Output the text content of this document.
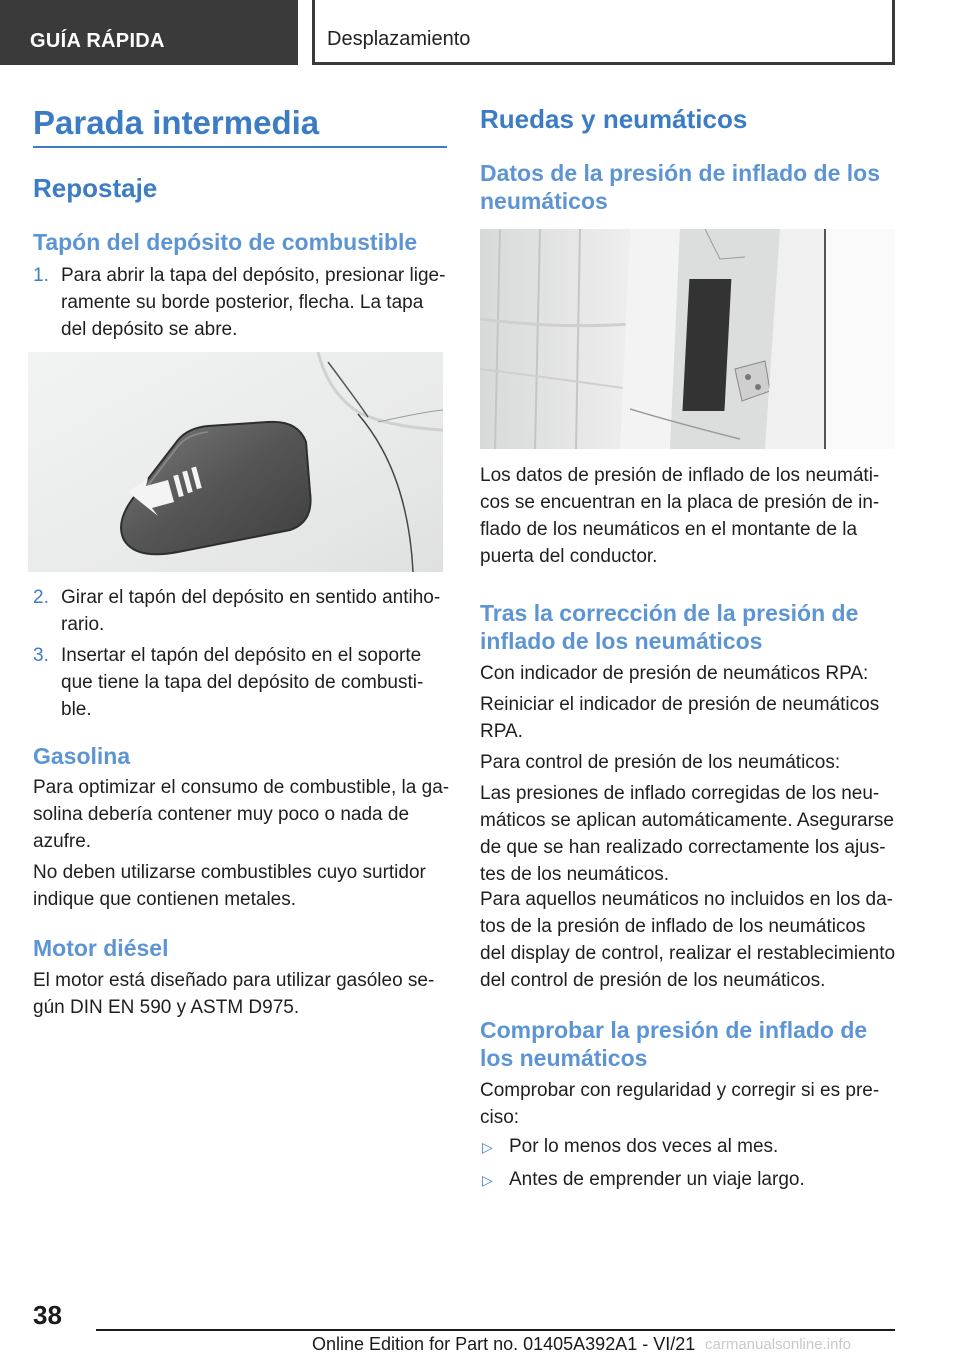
GUÍA RÁPIDA	Desplazamiento
Parada intermedia
Repostaje
Tapón del depósito de combustible
1. Para abrir la tapa del depósito, presionar lige-
ramente su borde posterior, flecha. La tapa
del depósito se abre.
2. Girar el tapón del depósito en sentido antiho-
rario.
3. Insertar el tapón del depósito en el soporte
que tiene la tapa del depósito de combusti-
ble.
Gasolina
Para optimizar el consumo de combustible, la ga-
solina debería contener muy poco o nada de
azufre.
No deben utilizarse combustibles cuyo surtidor
indique que contienen metales.
Motor diésel
El motor está diseñado para utilizar gasóleo se-
gún DIN EN 590 y ASTM D975.
Ruedas y neumáticos
Datos de la presión de inflado de los
neumáticos
Los datos de presión de inflado de los neumáti-
cos se encuentran en la placa de presión de in-
flado de los neumáticos en el montante de la
puerta del conductor.
Tras la corrección de la presión de
inflado de los neumáticos
Con indicador de presión de neumáticos RPA:
Reiniciar el indicador de presión de neumáticos
RPA.
Para control de presión de los neumáticos:
Las presiones de inflado corregidas de los neu-
máticos se aplican automáticamente. Asegurarse
de que se han realizado correctamente los ajus-
tes de los neumáticos.
Para aquellos neumáticos no incluidos en los da-
tos de la presión de inflado de los neumáticos
del display de control, realizar el restablecimiento
del control de presión de los neumáticos.
Comprobar la presión de inflado de
los neumáticos
Comprobar con regularidad y corregir si es pre-
ciso:
▷ Por lo menos dos veces al mes.
▷ Antes de emprender un viaje largo.
38
Online Edition for Part no. 01405A392A1 - VI/21 carmanualsonline.info
